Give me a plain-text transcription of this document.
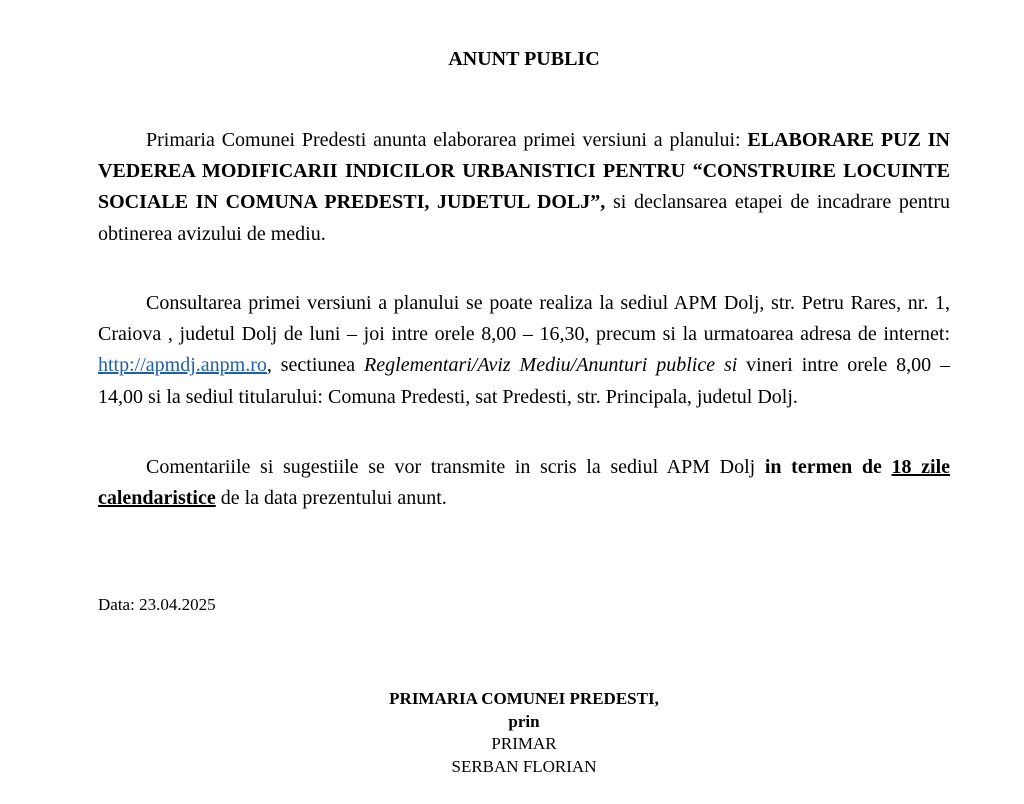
ANUNT PUBLIC

Primaria Comunei Predesti anunta elaborarea primei versiuni a planului: ELABORARE PUZ IN VEDEREA MODIFICARII INDICILOR URBANISTICI PENTRU “CONSTRUIRE LOCUINTE SOCIALE IN COMUNA PREDESTI, JUDETUL DOLJ”, si declansarea etapei de incadrare pentru obtinerea avizului de mediu.

Consultarea primei versiuni a planului se poate realiza la sediul APM Dolj, str. Petru Rares, nr. 1, Craiova , judetul Dolj de luni – joi intre orele 8,00 – 16,30, precum si la urmatoarea adresa de internet: http://apmdj.anpm.ro, sectiunea Reglementari/Aviz Mediu/Anunturi publice si vineri intre orele 8,00 – 14,00 si la sediul titularului: Comuna Predesti, sat Predesti, str. Principala, judetul Dolj.

Comentariile si sugestiile se vor transmite in scris la sediul APM Dolj in termen de 18 zile calendaristice de la data prezentului anunt.

Data: 23.04.2025
PRIMARIA COMUNEI PREDESTI,
prin
PRIMAR
SERBAN FLORIAN
